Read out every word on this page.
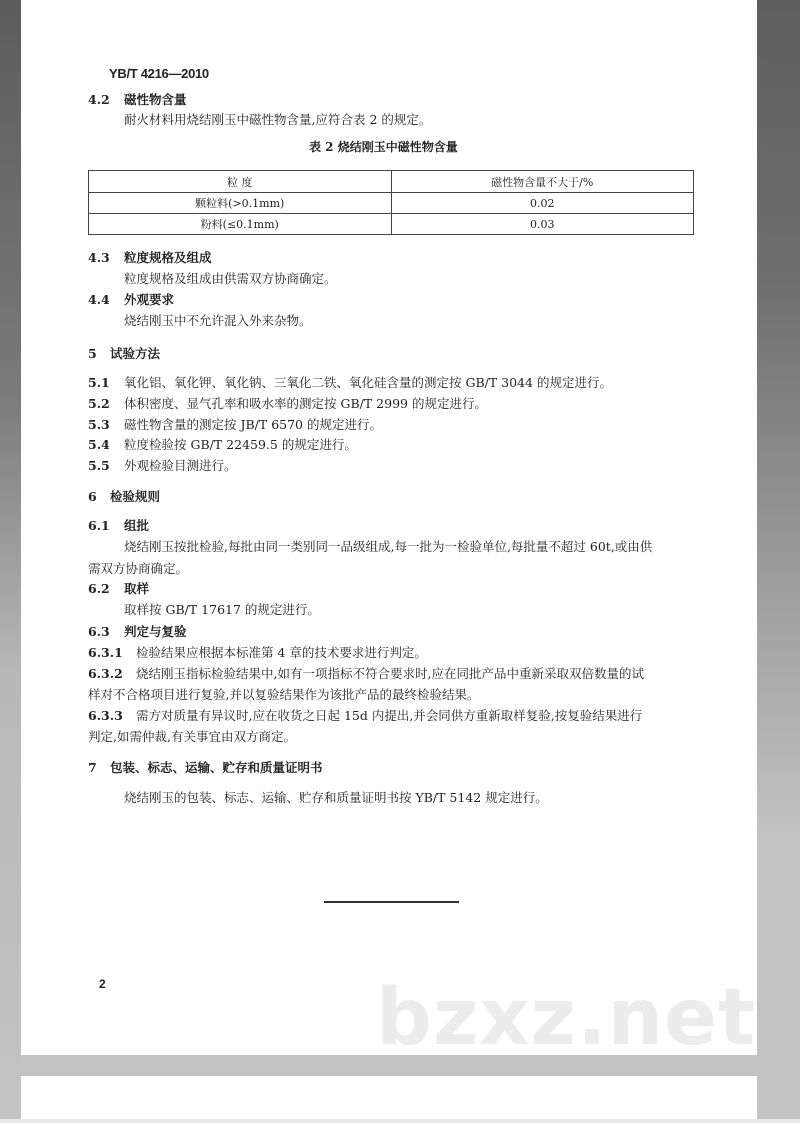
YB/T 4216—2010
4.2 磁性物含量
耐火材料用烧结刚玉中磁性物含量,应符合表 2 的规定。
表 2 烧结刚玉中磁性物含量
粒 度	磁性物含量不大于/%
颗粒料(>0.1mm)	0.02
粉料(≤0.1mm)	0.03
4.3 粒度规格及组成
粒度规格及组成由供需双方协商确定。
4.4 外观要求
烧结刚玉中不允许混入外来杂物。
5 试验方法
5.1 氧化铝、氧化钾、氧化钠、三氧化二铁、氧化硅含量的测定按 GB/T 3044 的规定进行。
5.2 体积密度、显气孔率和吸水率的测定按 GB/T 2999 的规定进行。
5.3 磁性物含量的测定按 JB/T 6570 的规定进行。
5.4 粒度检验按 GB/T 22459.5 的规定进行。
5.5 外观检验目测进行。
6 检验规则
6.1 组批
烧结刚玉按批检验,每批由同一类别同一品级组成,每一批为一检验单位,每批量不超过 60t,或由供
需双方协商确定。
6.2 取样
取样按 GB/T 17617 的规定进行。
6.3 判定与复验
6.3.1 检验结果应根据本标准第 4 章的技术要求进行判定。
6.3.2 烧结刚玉指标检验结果中,如有一项指标不符合要求时,应在同批产品中重新采取双倍数量的试
样对不合格项目进行复验,并以复验结果作为该批产品的最终检验结果。
6.3.3 需方对质量有异议时,应在收货之日起 15d 内提出,并会同供方重新取样复验,按复验结果进行
判定,如需仲裁,有关事宜由双方商定。
7 包装、标志、运输、贮存和质量证明书
烧结刚玉的包装、标志、运输、贮存和质量证明书按 YB/T 5142 规定进行。
2	bzxz.net
